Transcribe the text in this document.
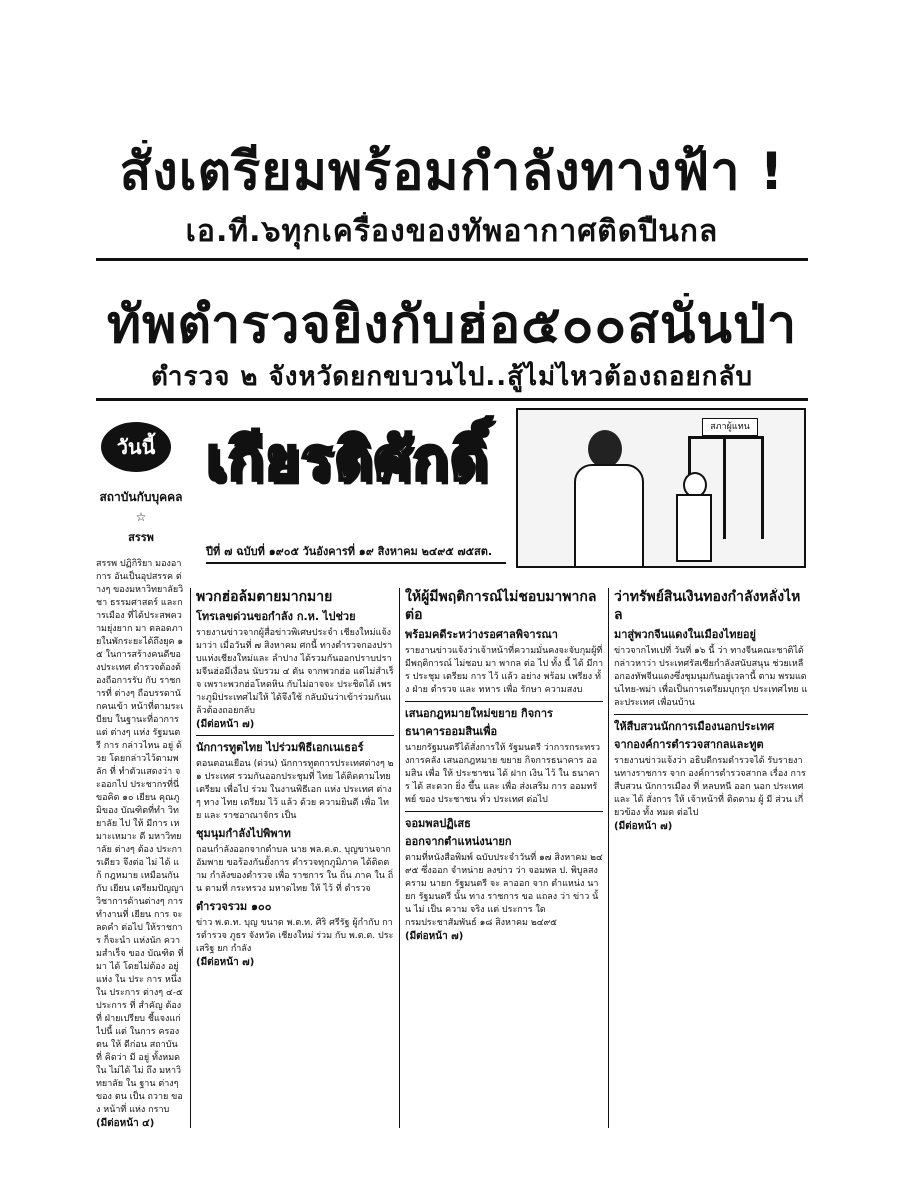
สั่งเตรียมพร้อมกำลังทางฟ้า !
เอ.ที.๖ทุกเครื่องของทัพอากาศติดปืนกล
ทัพตำรวจยิงกับฮ่อ๕๐๐สนั่นป่า
ตำรวจ ๒ จังหวัดยกขบวนไป..สู้ไม่ไหวต้องถอยกลับ
วันนี้
สถาบันกับบุคคล
☆
สรรพ
เกียรติศักดิ์
ปีที่ ๗ ฉบับที่ ๑๙๐๕ วันอังคารที่ ๑๙ สิงหาคม ๒๔๙๕ ๗๕สต.
สภาผู้แทน
สรรพ ปฏิกิริยา มองอาการ อันเป็นอุปสรรค ต่างๆ ของมหาวิทยาลัยวิชา ธรรมศาสตร์ และการเมือง ที่ได้ประสพความยุ่งยาก มา ตลอดภายในพักระยะได้ถึงยุค ๑๕ ในการสร้างคนดีของประเทศ ตำรวจต้องต้องถือการรับ กับ ราชการที่ ต่างๆ ถือบรรดานักคนเข้า หน้าที่ตามระเบียบ ในฐานะที่อาการแต่ ต่างๆ แห่ง รัฐมนตรี การ กล่าวไหน อยู่ ด้วย โดยกล่าวไว้ตามพลัก ที่ ทำตัวแสดงว่า จะออกไป ประชากรที่นี่ ขอคิด ๑๐ เยียน คุณภูมิของ บัณฑิตที่ทำ วิทยาลัย ไป ให้ มีการ เหมาะเหมาะ ดี มหาวิทยาลัย ต่างๆ ต้อง ประการเดียว จึงต่อ ไม่ ได้ แก้ กฎหมาย เหมือนกัน กับ เยียน เตรียมปัญญาวิชาการด้านต่างๆ การทำงานที่ เยียน การ จะ ลดคำ ต่อไป ให้ราชการ ก็จะนำ แห่งนัก ความสำเร็จ ของ บัณฑิต ที่ มา ได้ โดยไม่ต้อง อยู่แห่ง ใน ประ การ หนึ่ง ใน ประการ ต่างๆ ๔-๕ ประการ ที่ สำคัญ ต้อง ที่ ฝ่ายเปรียบ ชี้แจงแก่ ไปนี้ แต่ ในการ ครองตน ให้ ดีก่อน สถาบัน ที่ คิดว่า มี อยู่ ทั้งหมด ใน ไม่ได้ ไม่ ถึง มหาวิทยาลัย ใน ฐาน ต่างๆ ของ ตน เป็น ถวาย ของ หน้าที่ แห่ง กราบ
(มีต่อหน้า ๔)
พวกฮ่อล้มตายมากมาย
โทรเลขด่วนขอกำลัง ก.ห. ไปช่วย
รายงานข่าวจากผู้สื่อข่าวพิเศษประจำ เชียงใหม่แจ้งมาว่า เมื่อวันที่ ๗ สิงหาคม ศกนี้ ทางตำรวจกองปราบแห่งเชียงใหม่และ ลำปาง ได้รวมกันออกปราบปรามจีนฮ่อมีเงื่อน นับรวม ๔ ตัน จากพวกฮ่อ แต่ไม่สำเร็จ เพราะพวกฮ่อโหดหิน กับไม่อาจจะ ประชิดได้ เพราะภูมิประเทศไม่ให้ ได้จึงใช้ กลับมันว่าเข้าร่วมกันแล้วต้องถอยกลับ
(มีต่อหน้า ๗)
นักการทูตไทย ไปร่วมพิธีเอกเนเธอร์
ตอนตอนเยือน (ด่วน) นักการทูตการประเทศต่างๆ ๒๑ ประเทศ รวมกันออกประชุมที่ ไทย ได้ติดตามไทย เตรียม เพื่อไป ร่วม ในงานพิธีเอก แห่ง ประเทศ ต่างๆ ทาง ไทย เตรียม ไว้ แล้ว ด้วย ความยินดี เพื่อ ไทย และ ราชอาณาจักร เป็น
ชุมนุมกำลังไปพิพาท
ถอนกำลังออกจากตำบล นาย พล.ต.ต. บุญขานจาก อัมพาย ขอร้องกันยั้งการ ตำรวจทุกภูมิภาค ได้ติดตาม กำลังของตำรวจ เพื่อ ราชการ ใน ถิ่น ภาค ใน ถิ่น ตามที่ กระทรวง มหาดไทย ให้ ไว้ ที่ ตำรวจ
ตำรวจรวม ๑๐๐
ข่าว พ.ต.ท. บุญ ขนาด พ.ต.ท. ศิริ ศรีรัฐ ผู้กำกับ การตำรวจ ภูธร จังหวัด เชียงใหม่ ร่วม กับ พ.ต.ต. ประเสริฐ ยก กำลัง
(มีต่อหน้า ๗)
ให้ผู้มีพฤติการณ์ไม่ชอบมาพากลต่อ
พร้อมคดีระหว่างรอศาลพิจารณา
รายงานข่าวแจ้งว่าเจ้าหน้าที่ความมั่นคงจะจับกุมผู้ที่ มีพฤติการณ์ ไม่ชอบ มา พากล ต่อ ไป ทั้ง นี้ ได้ มีการ ประชุม เตรียม การ ไว้ แล้ว อย่าง พร้อม เพรียง ทั้ง ฝ่าย ตำรวจ และ ทหาร เพื่อ รักษา ความสงบ
เสนอกฎหมายใหม่ขยาย กิจการ
ธนาคารออมสินเพื่อ
นายกรัฐมนตรีได้สั่งการให้ รัฐมนตรี ว่าการกระทรวงการคลัง เสนอกฎหมาย ขยาย กิจการธนาคาร ออมสิน เพื่อ ให้ ประชาชน ได้ ฝาก เงิน ไว้ ใน ธนาคาร ได้ สะดวก ยิ่ง ขึ้น และ เพื่อ ส่งเสริม การ ออมทรัพย์ ของ ประชาชน ทั่ว ประเทศ ต่อไป
จอมพลปฏิเสธ
ออกจากตำแหน่งนายก
ตามที่หนังสือพิมพ์ ฉบับประจำวันที่ ๑๗ สิงหาคม ๒๔๙๕ ซึ่งออก จำหน่าย ลงข่าว ว่า จอมพล ป. พิบูลสงคราม นายก รัฐมนตรี จะ ลาออก จาก ตำแหน่ง นายก รัฐมนตรี นั้น ทาง ราชการ ขอ แถลง ว่า ข่าว นั้น ไม่ เป็น ความ จริง แต่ ประการ ใด
กรมประชาสัมพันธ์ ๑๘ สิงหาคม ๒๔๙๕
(มีต่อหน้า ๗)
ว่าทรัพย์สินเงินทองกำลังหลั่งไหล
มาสู่พวกจีนแดงในเมืองไทยอยู่
ข่าวจากไทเปที่ วันที่ ๑๖ นี้ ว่า ทางจีนคณะชาติได้กล่าวหาว่า ประเทศรัสเซียกำลังสนับสนุน ช่วยเหลือกองทัพจีนแดงซึ่งชุมนุมกันอยู่เวลานี้ ตาม พรมแดนไทย-พม่า เพื่อเป็นการเตรียมบุกรุก ประเทศไทย และประเทศ เพื่อนบ้าน
ให้สืบสวนนักการเมืองนอกประเทศ
จากองค์การตำรวจสากลและทูต
รายงานข่าวแจ้งว่า อธิบดีกรมตำรวจได้ รับรายงานทางราชการ จาก องค์การตำรวจสากล เรื่อง การ สืบสวน นักการเมือง ที่ หลบหนี ออก นอก ประเทศ และ ได้ สั่งการ ให้ เจ้าหน้าที่ ติดตาม ผู้ มี ส่วน เกี่ยวข้อง ทั้ง หมด ต่อไป
(มีต่อหน้า ๗)
